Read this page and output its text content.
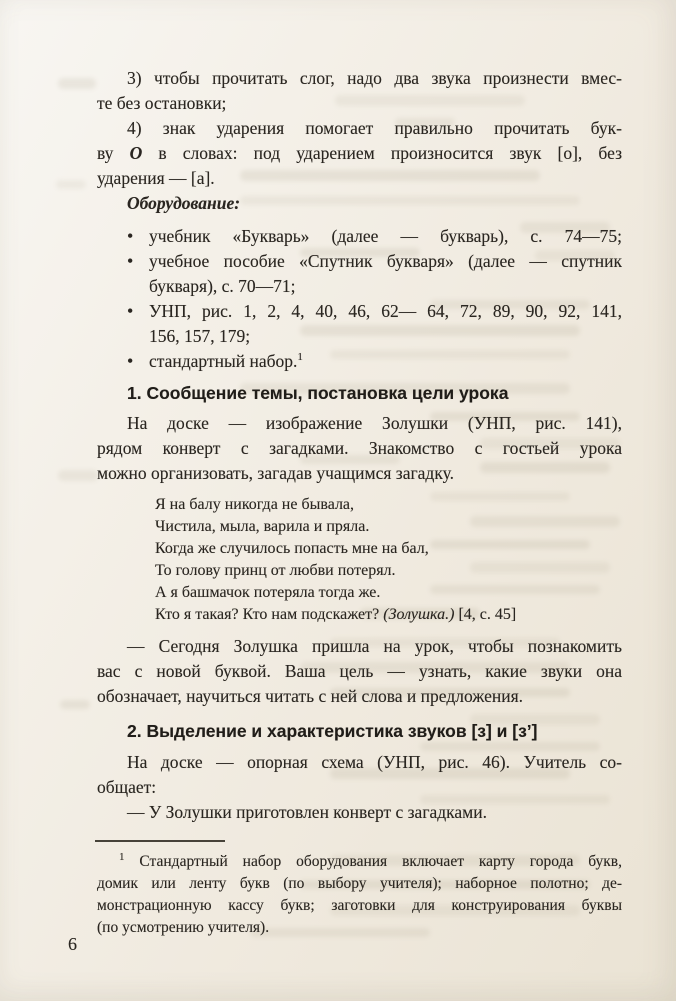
3) чтобы прочитать слог, надо два звука произнести вмес-
те без остановки;
4) знак ударения помогает правильно прочитать бук-
ву О в словах: под ударением произносится звук [о], без
ударения — [а].
Оборудование:
• учебник «Букварь» (далее — букварь), с. 74—75;
• учебное пособие «Спутник букваря» (далее — спутник
букваря), с. 70—71;
• УНП, рис. 1, 2, 4, 40, 46, 62— 64, 72, 89, 90, 92, 141,
156, 157, 179;
• стандартный набор.$^1$
1. Сообщение темы, постановка цели урока
На доске — изображение Золушки (УНП, рис. 141),
рядом конверт с загадками. Знакомство с гостьей урока
можно организовать, загадав учащимся загадку.
Я на балу никогда не бывала,
Чистила, мыла, варила и пряла.
Когда же случилось попасть мне на бал,
То голову принц от любви потерял.
А я башмачок потеряла тогда же.
Кто я такая? Кто нам подскажет? (Золушка.) [4, с. 45]
— Сегодня Золушка пришла на урок, чтобы познакомить
вас с новой буквой. Ваша цель — узнать, какие звуки она
обозначает, научиться читать с ней слова и предложения.
2. Выделение и характеристика звуков [з] и [з’]
На доске — опорная схема (УНП, рис. 46). Учитель со-
общает:
— У Золушки приготовлен конверт с загадками.
$^1$ Стандартный набор оборудования включает карту города букв,
домик или ленту букв (по выбору учителя); наборное полотно; де-
монстрационную кассу букв; заготовки для конструирования буквы
(по усмотрению учителя).
6
